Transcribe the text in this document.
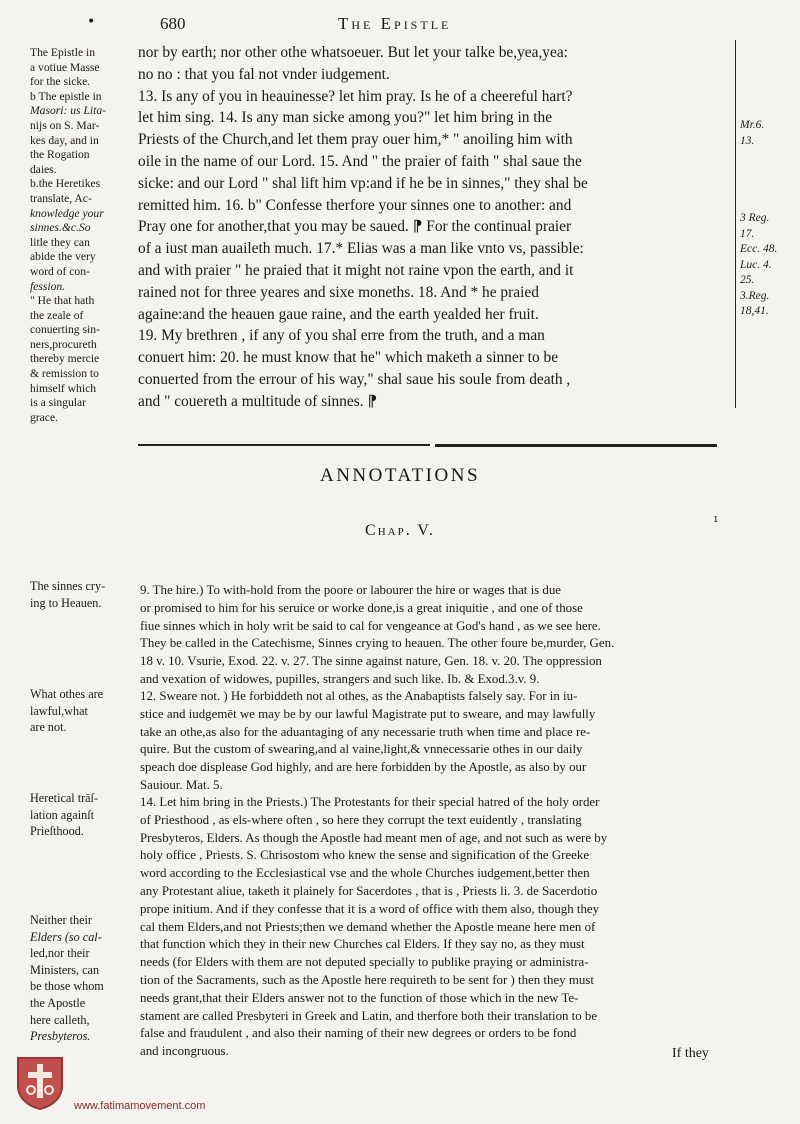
•	680	The Epistle
The Epistle in
a votiue Masse
for the sicke.
b The epistle in
Masori: us Lita-
nijs on S. Mar-
kes day, and in
the Rogation
daies.
b.the Heretikes
translate, Ac-
knowledge your
sinnes.&c.So
litle they can
abide the very
word of con-
fession.
" He that hath
the zeale of
conuerting sin-
ners,procureth
thereby mercie
& remission to
himself which
is a singular
grace.
nor by earth; nor other othe whatsoeuer. But let your talke be,yea,yea:
no no : that you fal not vnder iudgement.
13. Is any of you in heauinesse? let him pray. Is he of a cheereful hart?
let him sing. 14. Is any man sicke among you?" let him bring in the
Priests of the Church,and let them pray ouer him,* " anoiling him with
oile in the name of our Lord. 15. And " the praier of faith " shal saue the
sicke: and our Lord " shal lift him vp:and if he be in sinnes," they shal be
remitted him. 16. b" Confesse therfore your sinnes one to another: and
Pray one for another,that you may be saued. ⁋ For the continual praier
of a iust man auaileth much. 17.* Elias was a man like vnto vs, passible:
and with praier " he praied that it might not raine vpon the earth, and it
rained not for three yeares and sixe moneths. 18. And * he praied
againe:and the heauen gaue raine, and the earth yealded her fruit.
19. My brethren , if any of you shal erre from the truth, and a man
conuert him: 20. he must know that he" which maketh a sinner to be
conuerted from the errour of his way," shal saue his soule from death ,
and " couereth a multitude of sinnes. ⁋
Mr.6.
13.

3 Reg.
17.
Ecc. 48.
Luc. 4.
25.
3.Reg.
18,41.
ANNOTATIONS
Chap. V.
ı
The sinnes cry-
ing to Heauen.
9. The hire.) To with-hold from the poore or labourer the hire or wages that is due
or promised to him for his seruice or worke done,is a great iniquitie , and one of those
fiue sinnes which in holy writ be said to cal for vengeance at God's hand , as we see here.
They be called in the Catechisme, Sinnes crying to heauen. The other foure be,murder, Gen.
18 v. 10. Vsurie, Exod. 22. v. 27. The sinne against nature, Gen. 18. v. 20. The oppression
and vexation of widowes, pupilles, strangers and such like. Ib. & Exod.3.v. 9.
What othes are
lawful,what
are not.
12. Sweare not. ) He forbiddeth not al othes, as the Anabaptists falsely say. For in iu-
stice and iudgemēt we may be by our lawful Magistrate put to sweare, and may lawfully
take an othe,as also for the aduantaging of any necessarie truth when time and place re-
quire. But the custom of swearing,and al vaine,light,& vnnecessarie othes in our daily
speach doe displease God highly, and are here forbidden by the Apostle, as also by our
Sauiour. Mat. 5.
Heretical trāſ-
lation againſt
Prieſthood.
14. Let him bring in the Priests.) The Protestants for their special hatred of the holy order
of Priesthood , as els-where often , so here they corrupt the text euidently , translating
Presbyteros, Elders. As though the Apostle had meant men of age, and not such as were by
holy office , Priests. S. Chrisostom who knew the sense and signification of the Greeke
word according to the Ecclesiastical vse and the whole Churches iudgement,better then
any Protestant aliue, taketh it plainely for Sacerdotes , that is , Priests li. 3. de Sacerdotio
prope initium. And if they confesse that it is a word of office with them also, though they
cal them Elders,and not Priests;then we demand whether the Apostle meane here men of
that function which they in their new Churches cal Elders. If they say no, as they must
needs (for Elders with them are not deputed specially to publike praying or administra-
tion of the Sacraments, such as the Apostle here requireth to be sent for ) then they must
needs grant,that their Elders answer not to the function of those which in the new Te-
stament are called Presbyteri in Greek and Latin, and therfore both their translation to be
false and fraudulent , and also their naming of their new degrees or orders to be fond
and incongruous.
Neither their
Elders (so cal-
led,nor their
Ministers, can
be those whom
the Apostle
here calleth,
Presbyteros.
If they
www.fatimamovement.com
